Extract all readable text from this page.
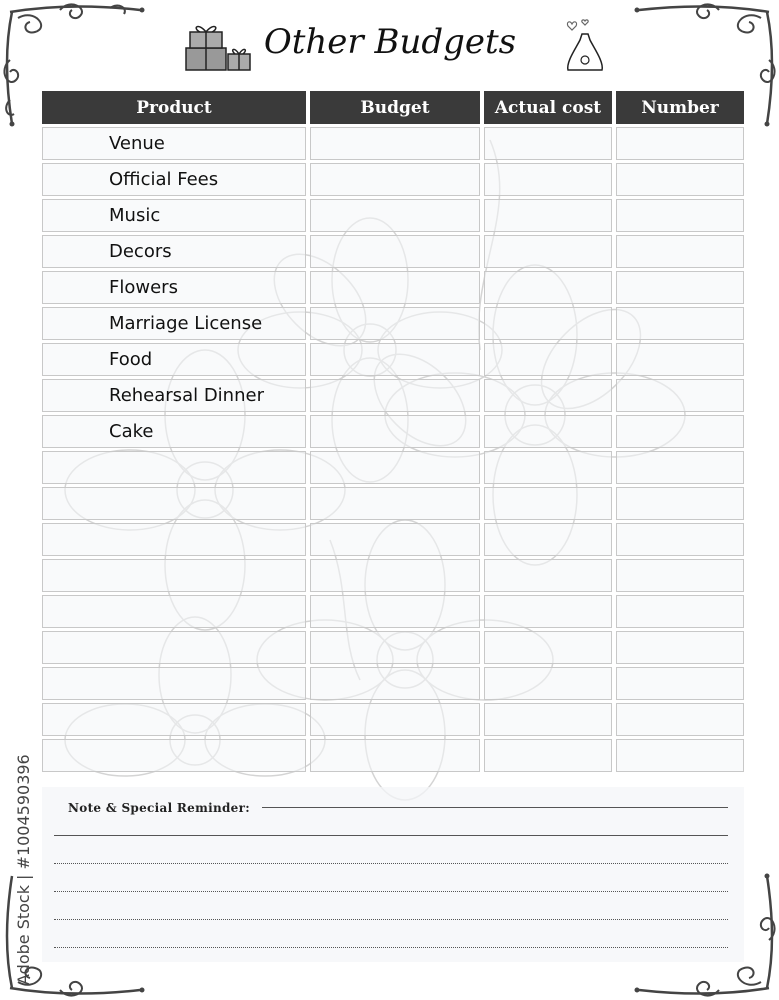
Other Budgets
Product	Budget	Actual cost	Number
Venue
Official Fees
Music
Decors
Flowers
Marriage License
Food
Rehearsal Dinner
Cake
Note & Special Reminder:
Adobe Stock | #1004590396
